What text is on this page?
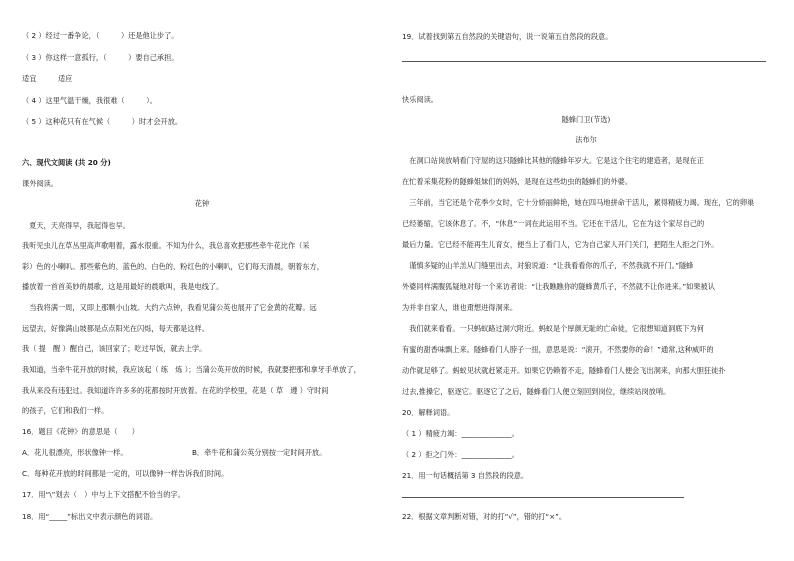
（ 2 ）经过一番争论，（　　　）还是他让步了。
（ 3 ）你这样一意孤行，（　　　）要自己承担。
适宜　　　适应
（ 4 ）这里气温干燥，我很难（　　　）。
（ 5 ）这种花只有在气候（　　　）时才会开放。
六、现代文阅读 (共 20 分)
课外阅读。
花钟
　夏天，天亮得早，我起得也早。
我听见虫儿在草丛里高声歌唱着，露水很重。不知为什么，我总喜欢把那些牵牛花比作（采
彩）色的小喇叭。那些紫色的、蓝色的、白色的、粉红色的小喇叭，它们每天清晨，朝着东方，
播放着一首首美妙的晨歌，这是用最好的晨歌叫，我是电线了。
　当我将满一周，又即上那颗小山坡。大约六点钟，我看见蒲公英也展开了它金黄的花瓣。远
远望去，好像满山坡都是点点阳光在闪烁，每天都是这样。
我（ 提　醒 ）醒自己，该回家了；吃过早饭，就去上学。
我知道，当牵牛花开放的时候，我应该起（ 练　炼 ）；当蒲公英开放的时候，我就要把那和拿牙手单放了，
我从来没有违犯过。我知道许许多多的花都按时开放着。在花的学校里，花是（ 草　遵 ）守时间
的孩子，它们和我们一样。
16．题目《花钟》的意思是（　　）
A．花儿很漂亮，形状像钟一样。	B．牵牛花和蒲公英分别按一定时间开放。
C．每种花开放的时间都是一定的，可以像钟一样告诉我们时间。
17．用“\”划去（　）中与上下文搭配不恰当的字。
18．用“_____”标出文中表示颜色的词语。
19．试着找到第五自然段的关键语句，说一说第五自然段的段意。
快乐阅读。
隧蜂门卫(节选)
法布尔
　在洞口站岗放哨看门守屋的这只隧蜂比其他的隧蜂年岁大。它是这个住宅的建造者，是现在正
在忙着采集花粉的隧蜂姐妹们的妈妈，是现在这些幼虫的隧蜂们的外婆。
　三年前，当它还是个花季少女时，它十分娇丽鲜艳，她在四马地拼命干活儿，累得精疲力竭。现在，它的卵巢
已经萎缩，它该休息了。不，“休息”一词在此运用不当。它还在干活儿，它在为这个家尽自己的
最后力量。它已经不能再生儿育女，便当上了看门人，它为自己家人开门关门，把陌生人拒之门外。
　谨慎多疑的山羊羔从门缝里出去，对狼说道：“让我看看你的爪子，不然我就不开门。”隧蜂
外婆同样满腹狐疑地对每一个来访者说：“让我瞧瞧你的隧蜂黄爪子，不然就不让你进来。”如果被认
为并非自家人，谁也甭想进得洞来。
　我们就来看看。一只蚂蚁路过洞穴附近。蚂蚁是个厚颜无耻的亡命徒，它很想知道洞底下为何
有蜜的甜香味飘上来。隧蜂看门人脖子一扭，意思是说：“滚开，不然要你的命！”通常,这种威吓的
动作就足够了。蚂蚁见状就赶紧走开。如果它仍赖着不走，隧蜂看门人便会飞出洞来，向那大胆狂徒扑
过去,推搡它，驱逐它。驱逐它了之后，隧蜂看门人便立刻回到岗位，继续站岗放哨。
20．解释词语。
（ 1 ）精疲力竭：______________。
（ 2 ）拒之门外：______________。
21．用一句话概括第 3 自然段的段意。
22．根据文章判断对错，对的打“√”，错的打“×”。
